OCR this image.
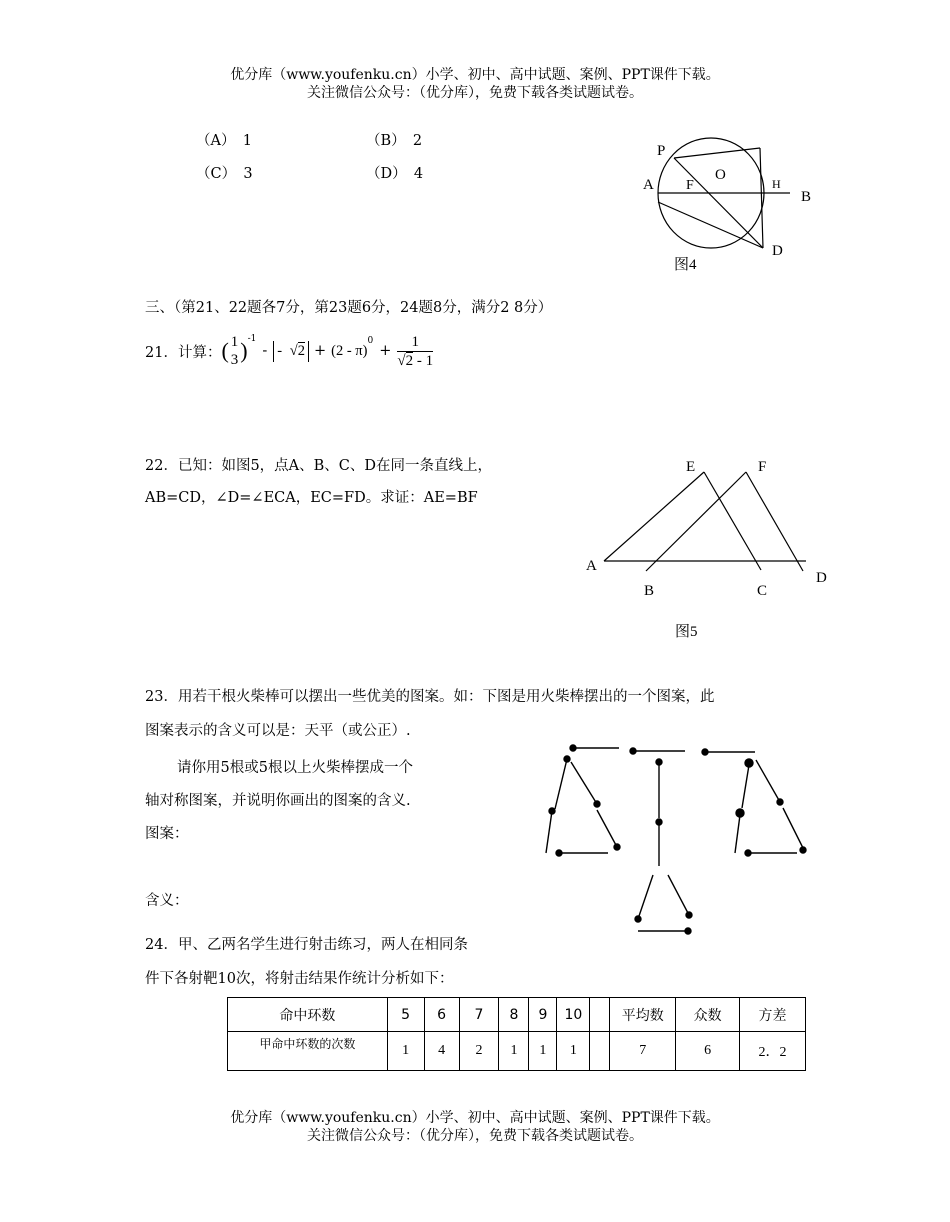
优分库（www.youfenku.cn）小学、初中、高中试题、案例、PPT课件下载。
关注微信公众号：（优分库），免费下载各类试题试卷。
（A）　1	（B）　2
（C）　3	（D）　4
P
A F
O
H
B
D
图4
三、（第21、22题各7分，第23题6分，24题8分，满分2 8分）
21．计算： ( 1
3 )$^{-1}$
- - √2 + (2 - π)
$^0$
+ $\frac{1}{√2 - 1}$
22．已知：如图5，点A、B、C、D在同一条直线上，
AB=CD，∠D=∠ECA，EC=FD。求证：AE=BF
E	F
A
B	C
D
图5
23．用若干根火柴棒可以摆出一些优美的图案。如：下图是用火柴棒摆出的一个图案，此
图案表示的含义可以是：天平（或公正）.
请你用5根或5根以上火柴棒摆成一个
轴对称图案，并说明你画出的图案的含义.
图案：
含义：
24．甲、乙两名学生进行射击练习，两人在相同条
件下各射靶10次，将射击结果作统计分析如下：
命中环数	5	6	7	8	9	10		平均数	众数	方差
甲命中环数的次数	1	4	2	1	1	1		7	6	2．2
优分库（www.youfenku.cn）小学、初中、高中试题、案例、PPT课件下载。
关注微信公众号：（优分库），免费下载各类试题试卷。
